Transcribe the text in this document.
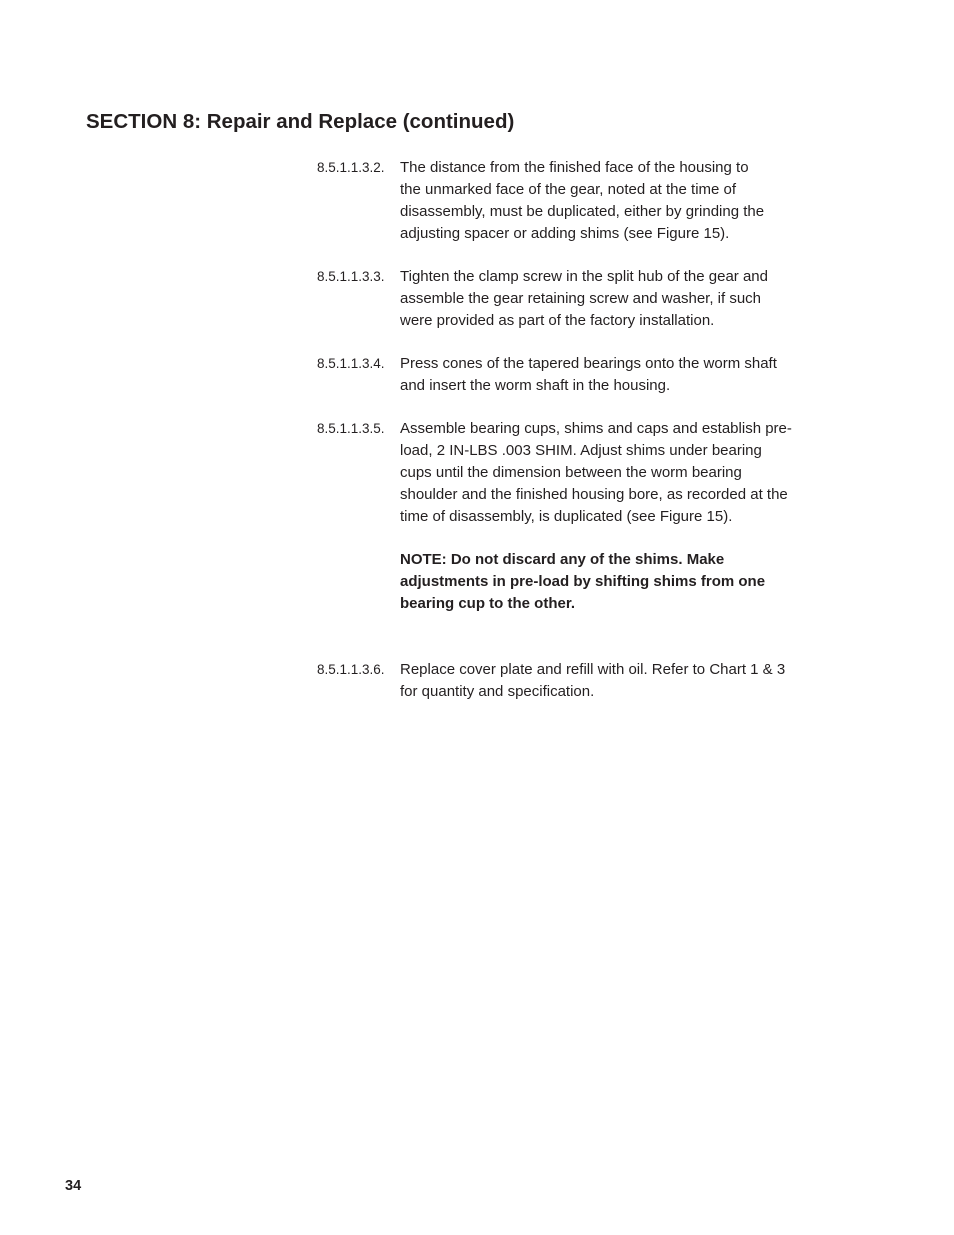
SECTION 8: Repair and Replace (continued)
8.5.1.1.3.2. The distance from the finished face of the housing to
the unmarked face of the gear, noted at the time of
disassembly, must be duplicated, either by grinding the
adjusting spacer or adding shims (see Figure 15).
8.5.1.1.3.3. Tighten the clamp screw in the split hub of the gear and
assemble the gear retaining screw and washer, if such
were provided as part of the factory installation.
8.5.1.1.3.4. Press cones of the tapered bearings onto the worm shaft
and insert the worm shaft in the housing.
8.5.1.1.3.5. Assemble bearing cups, shims and caps and establish pre-
load, 2 IN-LBS .003 SHIM. Adjust shims under bearing
cups until the dimension between the worm bearing
shoulder and the finished housing bore, as recorded at the
time of disassembly, is duplicated (see Figure 15).
NOTE: Do not discard any of the shims. Make
adjustments in pre-load by shifting shims from one
bearing cup to the other.
8.5.1.1.3.6. Replace cover plate and refill with oil. Refer to Chart 1 & 3
for quantity and specification.
34
